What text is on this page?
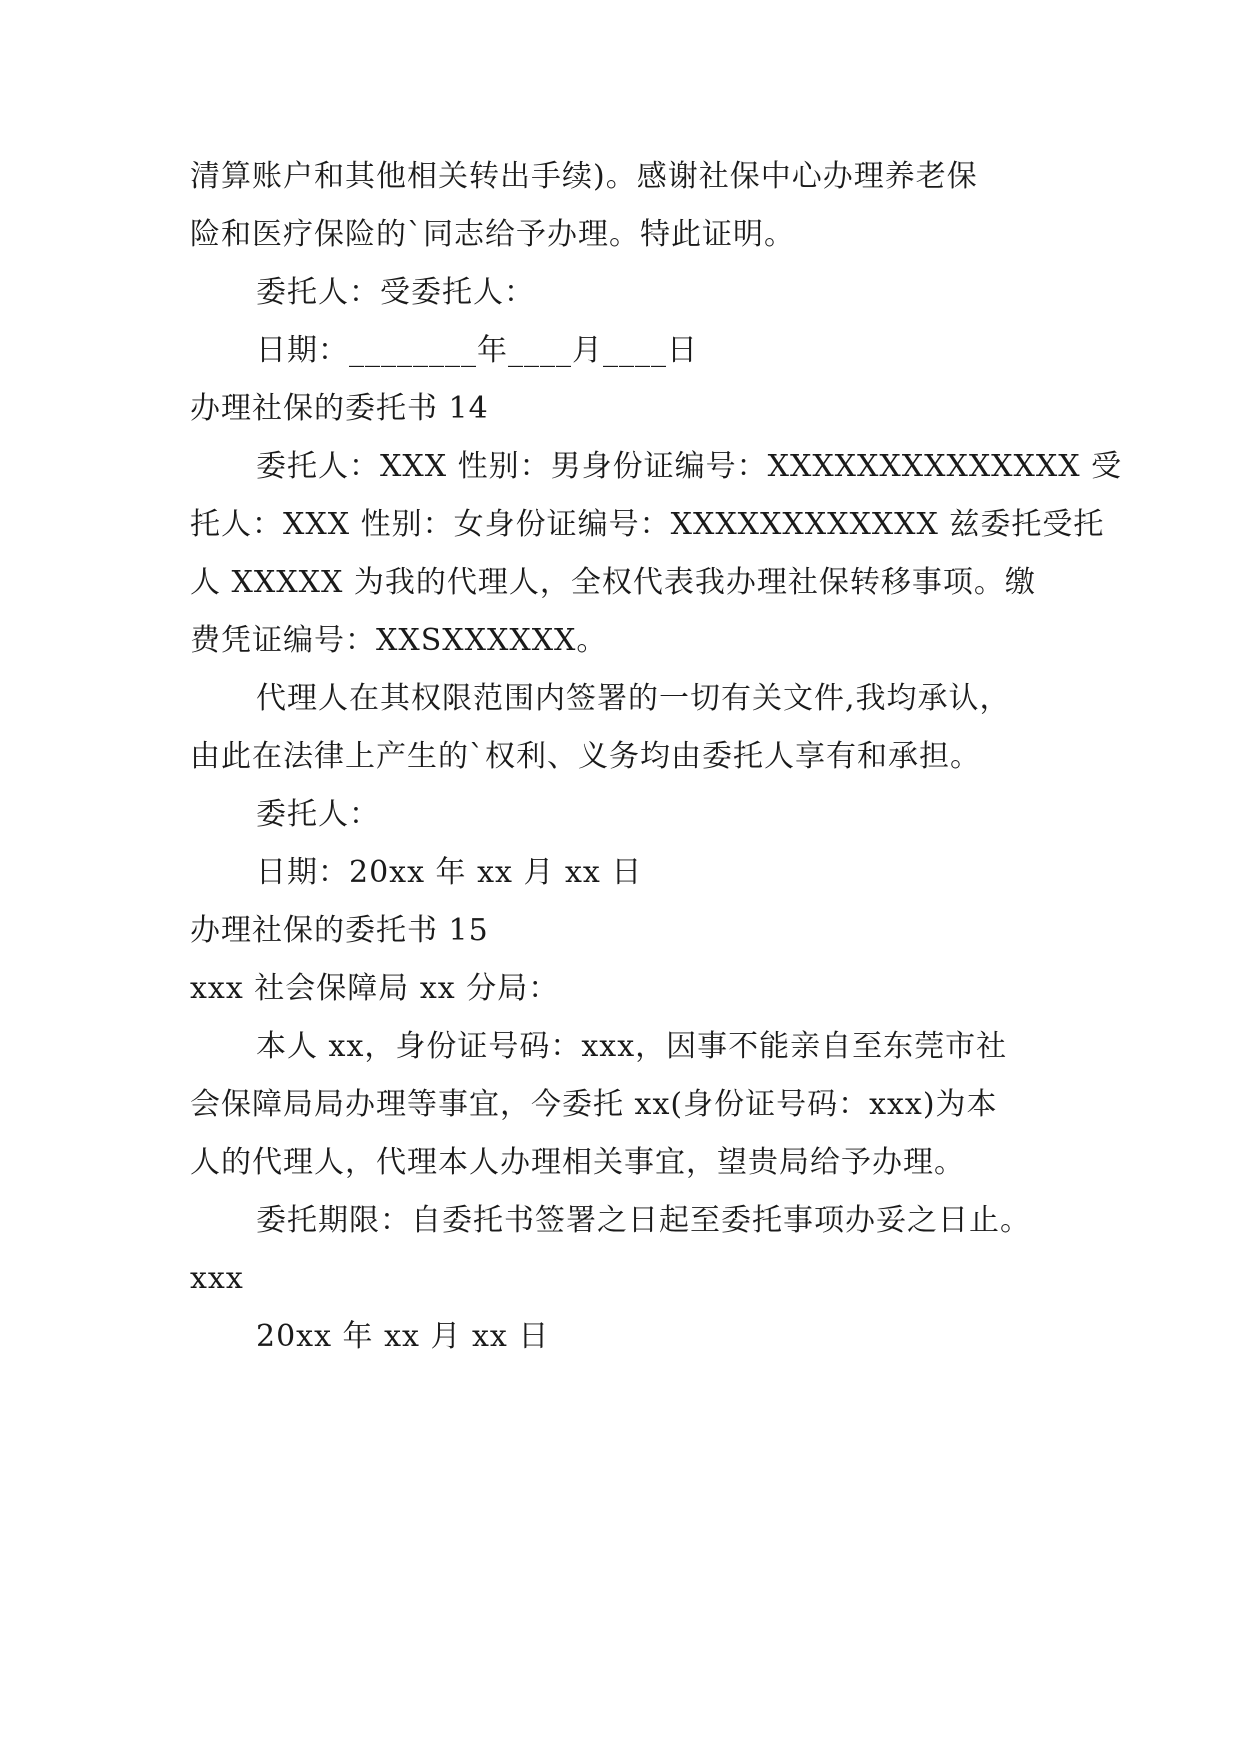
清算账户和其他相关转出手续)。感谢社保中心办理养老保
险和医疗保险的`同志给予办理。特此证明。
委托人：受委托人：
日期：________年____月____日
办理社保的委托书 14
委托人：XXX 性别：男身份证编号：XXXXXXXXXXXXXX 受
托人：XXX 性别：女身份证编号：XXXXXXXXXXXX 兹委托受托
人 XXXXX 为我的代理人，全权代表我办理社保转移事项。缴
费凭证编号：XXSXXXXXX。
代理人在其权限范围内签署的一切有关文件,我均承认，
由此在法律上产生的`权利、义务均由委托人享有和承担。
委托人：
日期：20xx 年 xx 月 xx 日
办理社保的委托书 15
xxx 社会保障局 xx 分局：
本人 xx，身份证号码：xxx，因事不能亲自至东莞市社
会保障局局办理等事宜，今委托 xx(身份证号码：xxx)为本
人的代理人，代理本人办理相关事宜，望贵局给予办理。
委托期限：自委托书签署之日起至委托事项办妥之日止。
xxx
20xx 年 xx 月 xx 日
